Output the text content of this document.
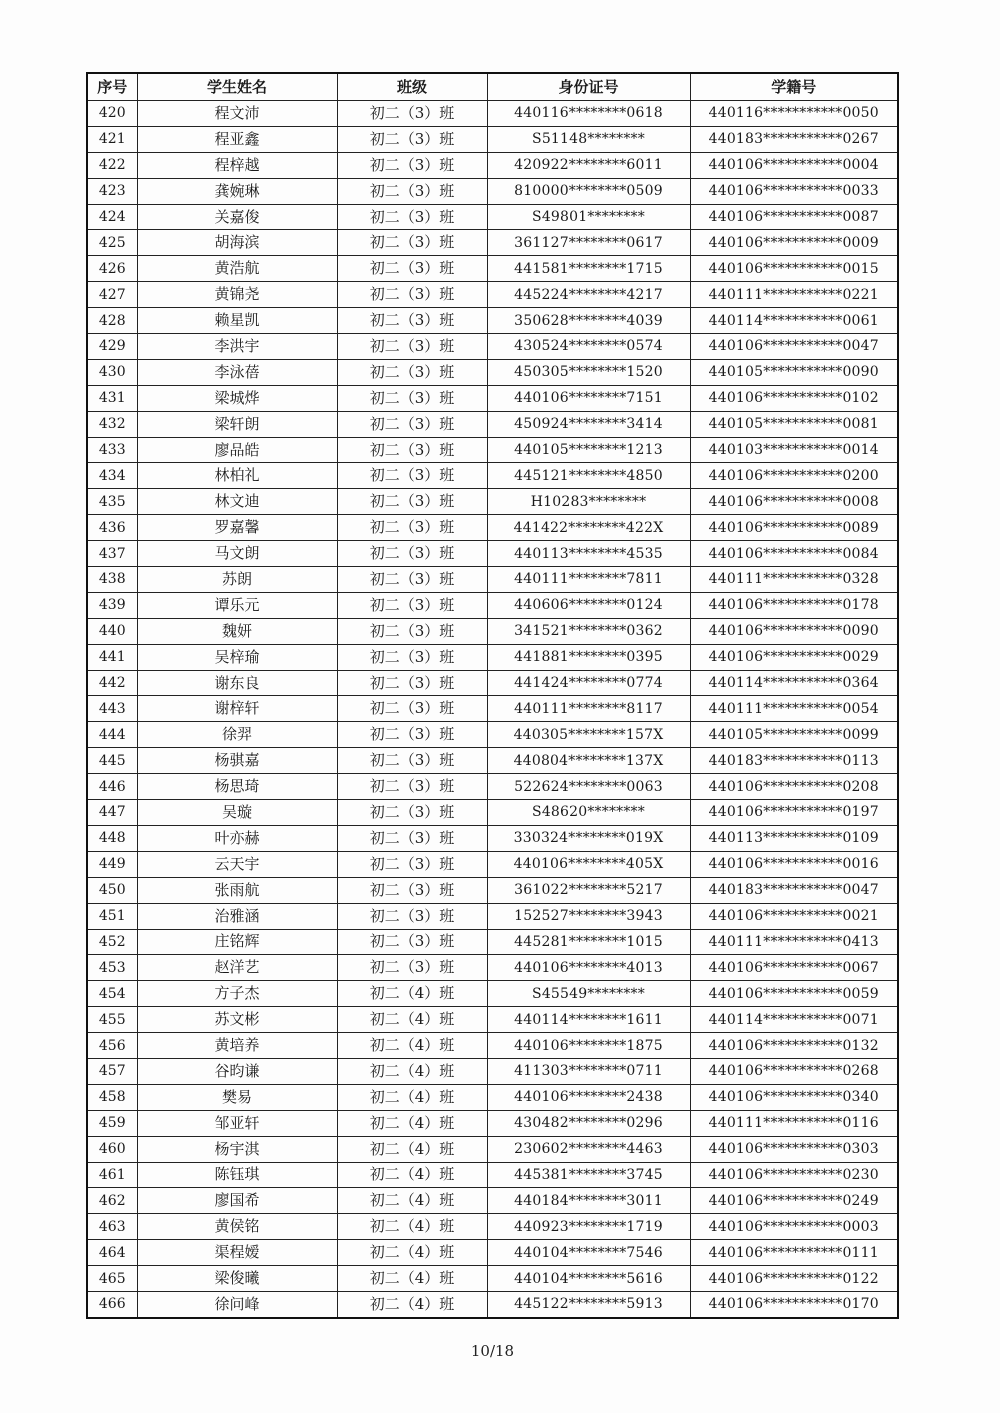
序号	学生姓名	班级	身份证号	学籍号
420	程文沛	初二（3）班	440116********0618	440116***********0050
421	程亚鑫	初二（3）班	S51148********	440183***********0267
422	程梓越	初二（3）班	420922********6011	440106***********0004
423	龚婉琳	初二（3）班	810000********0509	440106***********0033
424	关嘉俊	初二（3）班	S49801********	440106***********0087
425	胡海滨	初二（3）班	361127********0617	440106***********0009
426	黄浩航	初二（3）班	441581********1715	440106***********0015
427	黄锦尧	初二（3）班	445224********4217	440111***********0221
428	赖星凯	初二（3）班	350628********4039	440114***********0061
429	李洪宇	初二（3）班	430524********0574	440106***********0047
430	李泳蓓	初二（3）班	450305********1520	440105***********0090
431	梁城烨	初二（3）班	440106********7151	440106***********0102
432	梁轩朗	初二（3）班	450924********3414	440105***********0081
433	廖品皓	初二（3）班	440105********1213	440103***********0014
434	林柏礼	初二（3）班	445121********4850	440106***********0200
435	林文迪	初二（3）班	H10283********	440106***********0008
436	罗嘉馨	初二（3）班	441422********422X	440106***********0089
437	马文朗	初二（3）班	440113********4535	440106***********0084
438	苏朗	初二（3）班	440111********7811	440111***********0328
439	谭乐元	初二（3）班	440606********0124	440106***********0178
440	魏妍	初二（3）班	341521********0362	440106***********0090
441	吴梓瑜	初二（3）班	441881********0395	440106***********0029
442	谢东良	初二（3）班	441424********0774	440114***********0364
443	谢梓轩	初二（3）班	440111********8117	440111***********0054
444	徐羿	初二（3）班	440305********157X	440105***********0099
445	杨骐嘉	初二（3）班	440804********137X	440183***********0113
446	杨思琦	初二（3）班	522624********0063	440106***********0208
447	吴璇	初二（3）班	S48620********	440106***********0197
448	叶亦赫	初二（3）班	330324********019X	440113***********0109
449	云天宇	初二（3）班	440106********405X	440106***********0016
450	张雨航	初二（3）班	361022********5217	440183***********0047
451	治雅涵	初二（3）班	152527********3943	440106***********0021
452	庄铭辉	初二（3）班	445281********1015	440111***********0413
453	赵洋艺	初二（3）班	440106********4013	440106***********0067
454	方子杰	初二（4）班	S45549********	440106***********0059
455	苏文彬	初二（4）班	440114********1611	440114***********0071
456	黄培养	初二（4）班	440106********1875	440106***********0132
457	谷昀谦	初二（4）班	411303********0711	440106***********0268
458	樊易	初二（4）班	440106********2438	440106***********0340
459	邹亚轩	初二（4）班	430482********0296	440111***********0116
460	杨宇淇	初二（4）班	230602********4463	440106***********0303
461	陈钰琪	初二（4）班	445381********3745	440106***********0230
462	廖国希	初二（4）班	440184********3011	440106***********0249
463	黄侯铭	初二（4）班	440923********1719	440106***********0003
464	渠程嫒	初二（4）班	440104********7546	440106***********0111
465	梁俊曦	初二（4）班	440104********5616	440106***********0122
466	徐问峰	初二（4）班	445122********5913	440106***********0170
10/18
